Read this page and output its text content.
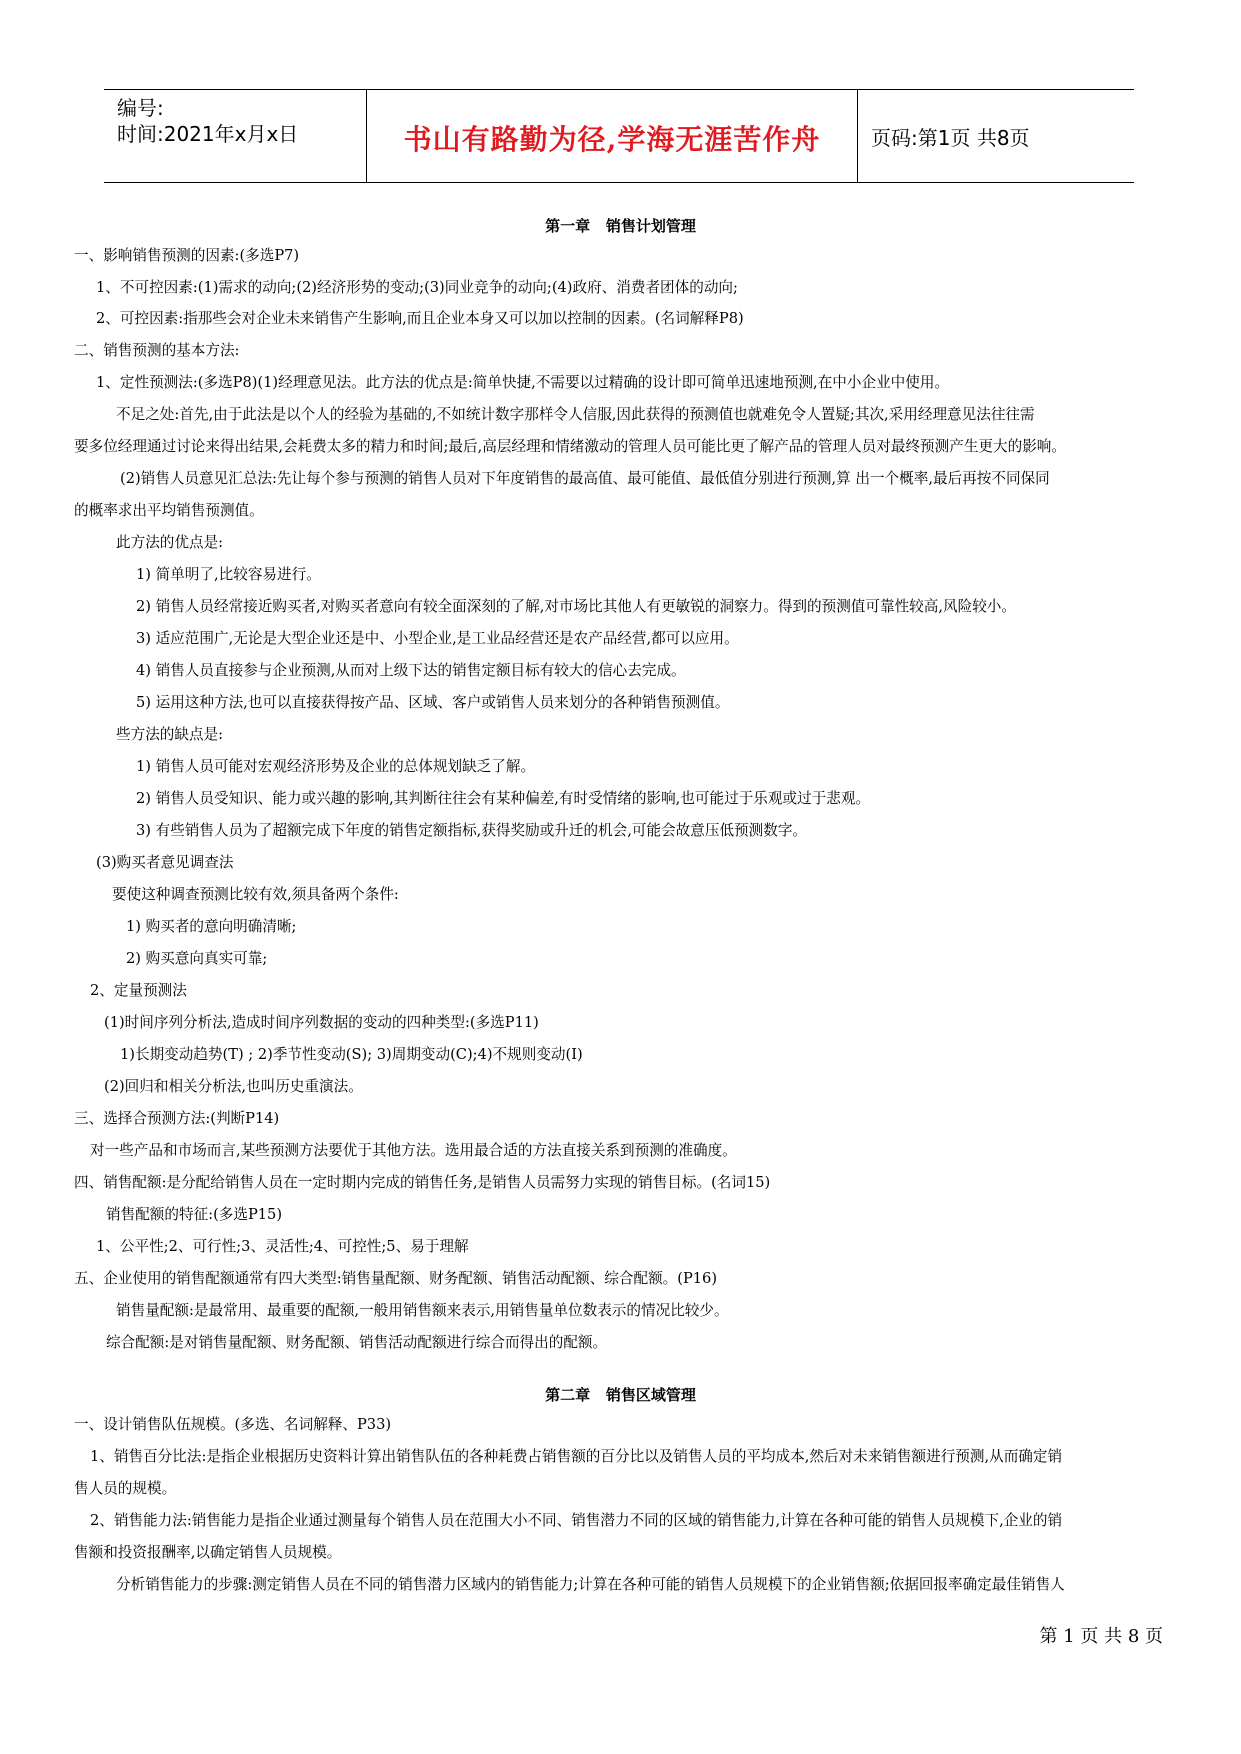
编号:
时间:2021年x月x日	书山有路勤为径,学海无涯苦作舟	页码:第1页 共8页
第一章   销售计划管理
一、影响销售预测的因素:(多选P7)
1、不可控因素:(1)需求的动向;(2)经济形势的变动;(3)同业竞争的动向;(4)政府、消费者团体的动向;
2、可控因素:指那些会对企业未来销售产生影响,而且企业本身又可以加以控制的因素。(名词解释P8)
二、销售预测的基本方法:
1、定性预测法:(多选P8)(1)经理意见法。此方法的优点是:简单快捷,不需要以过精确的设计即可简单迅速地预测,在中小企业中使用。
不足之处:首先,由于此法是以个人的经验为基础的,不如统计数字那样令人信服,因此获得的预测值也就难免令人置疑;其次,采用经理意见法往往需
要多位经理通过讨论来得出结果,会耗费太多的精力和时间;最后,高层经理和情绪激动的管理人员可能比更了解产品的管理人员对最终预测产生更大的影响。
(2)销售人员意见汇总法:先让每个参与预测的销售人员对下年度销售的最高值、最可能值、最低值分别进行预测,算 出一个概率,最后再按不同保同
的概率求出平均销售预测值。
此方法的优点是:
1) 简单明了,比较容易进行。
2) 销售人员经常接近购买者,对购买者意向有较全面深刻的了解,对市场比其他人有更敏锐的洞察力。得到的预测值可靠性较高,风险较小。
3) 适应范围广,无论是大型企业还是中、小型企业,是工业品经营还是农产品经营,都可以应用。
4) 销售人员直接参与企业预测,从而对上级下达的销售定额目标有较大的信心去完成。
5) 运用这种方法,也可以直接获得按产品、区域、客户或销售人员来划分的各种销售预测值。
些方法的缺点是:
1) 销售人员可能对宏观经济形势及企业的总体规划缺乏了解。
2) 销售人员受知识、能力或兴趣的影响,其判断往往会有某种偏差,有时受情绪的影响,也可能过于乐观或过于悲观。
3) 有些销售人员为了超额完成下年度的销售定额指标,获得奖励或升迁的机会,可能会故意压低预测数字。
(3)购买者意见调查法
要使这种调查预测比较有效,须具备两个条件:
1) 购买者的意向明确清晰;
2) 购买意向真实可靠;
2、定量预测法
(1)时间序列分析法,造成时间序列数据的变动的四种类型:(多选P11)
1)长期变动趋势(T) ; 2)季节性变动(S); 3)周期变动(C);4)不规则变动(I)
(2)回归和相关分析法,也叫历史重演法。
三、选择合预测方法:(判断P14)
对一些产品和市场而言,某些预测方法要优于其他方法。选用最合适的方法直接关系到预测的准确度。
四、销售配额:是分配给销售人员在一定时期内完成的销售任务,是销售人员需努力实现的销售目标。(名词15)
销售配额的特征:(多选P15)
1、公平性;2、可行性;3、灵活性;4、可控性;5、易于理解
五、企业使用的销售配额通常有四大类型:销售量配额、财务配额、销售活动配额、综合配额。(P16)
销售量配额:是最常用、最重要的配额,一般用销售额来表示,用销售量单位数表示的情况比较少。
综合配额:是对销售量配额、财务配额、销售活动配额进行综合而得出的配额。
第二章   销售区域管理
一、设计销售队伍规模。(多选、名词解释、P33)
1、销售百分比法:是指企业根据历史资料计算出销售队伍的各种耗费占销售额的百分比以及销售人员的平均成本,然后对未来销售额进行预测,从而确定销
售人员的规模。
2、销售能力法:销售能力是指企业通过测量每个销售人员在范围大小不同、销售潜力不同的区域的销售能力,计算在各种可能的销售人员规模下,企业的销
售额和投资报酬率,以确定销售人员规模。
分析销售能力的步骤:测定销售人员在不同的销售潜力区域内的销售能力;计算在各种可能的销售人员规模下的企业销售额;依据回报率确定最佳销售人
第 1 页 共 8 页
